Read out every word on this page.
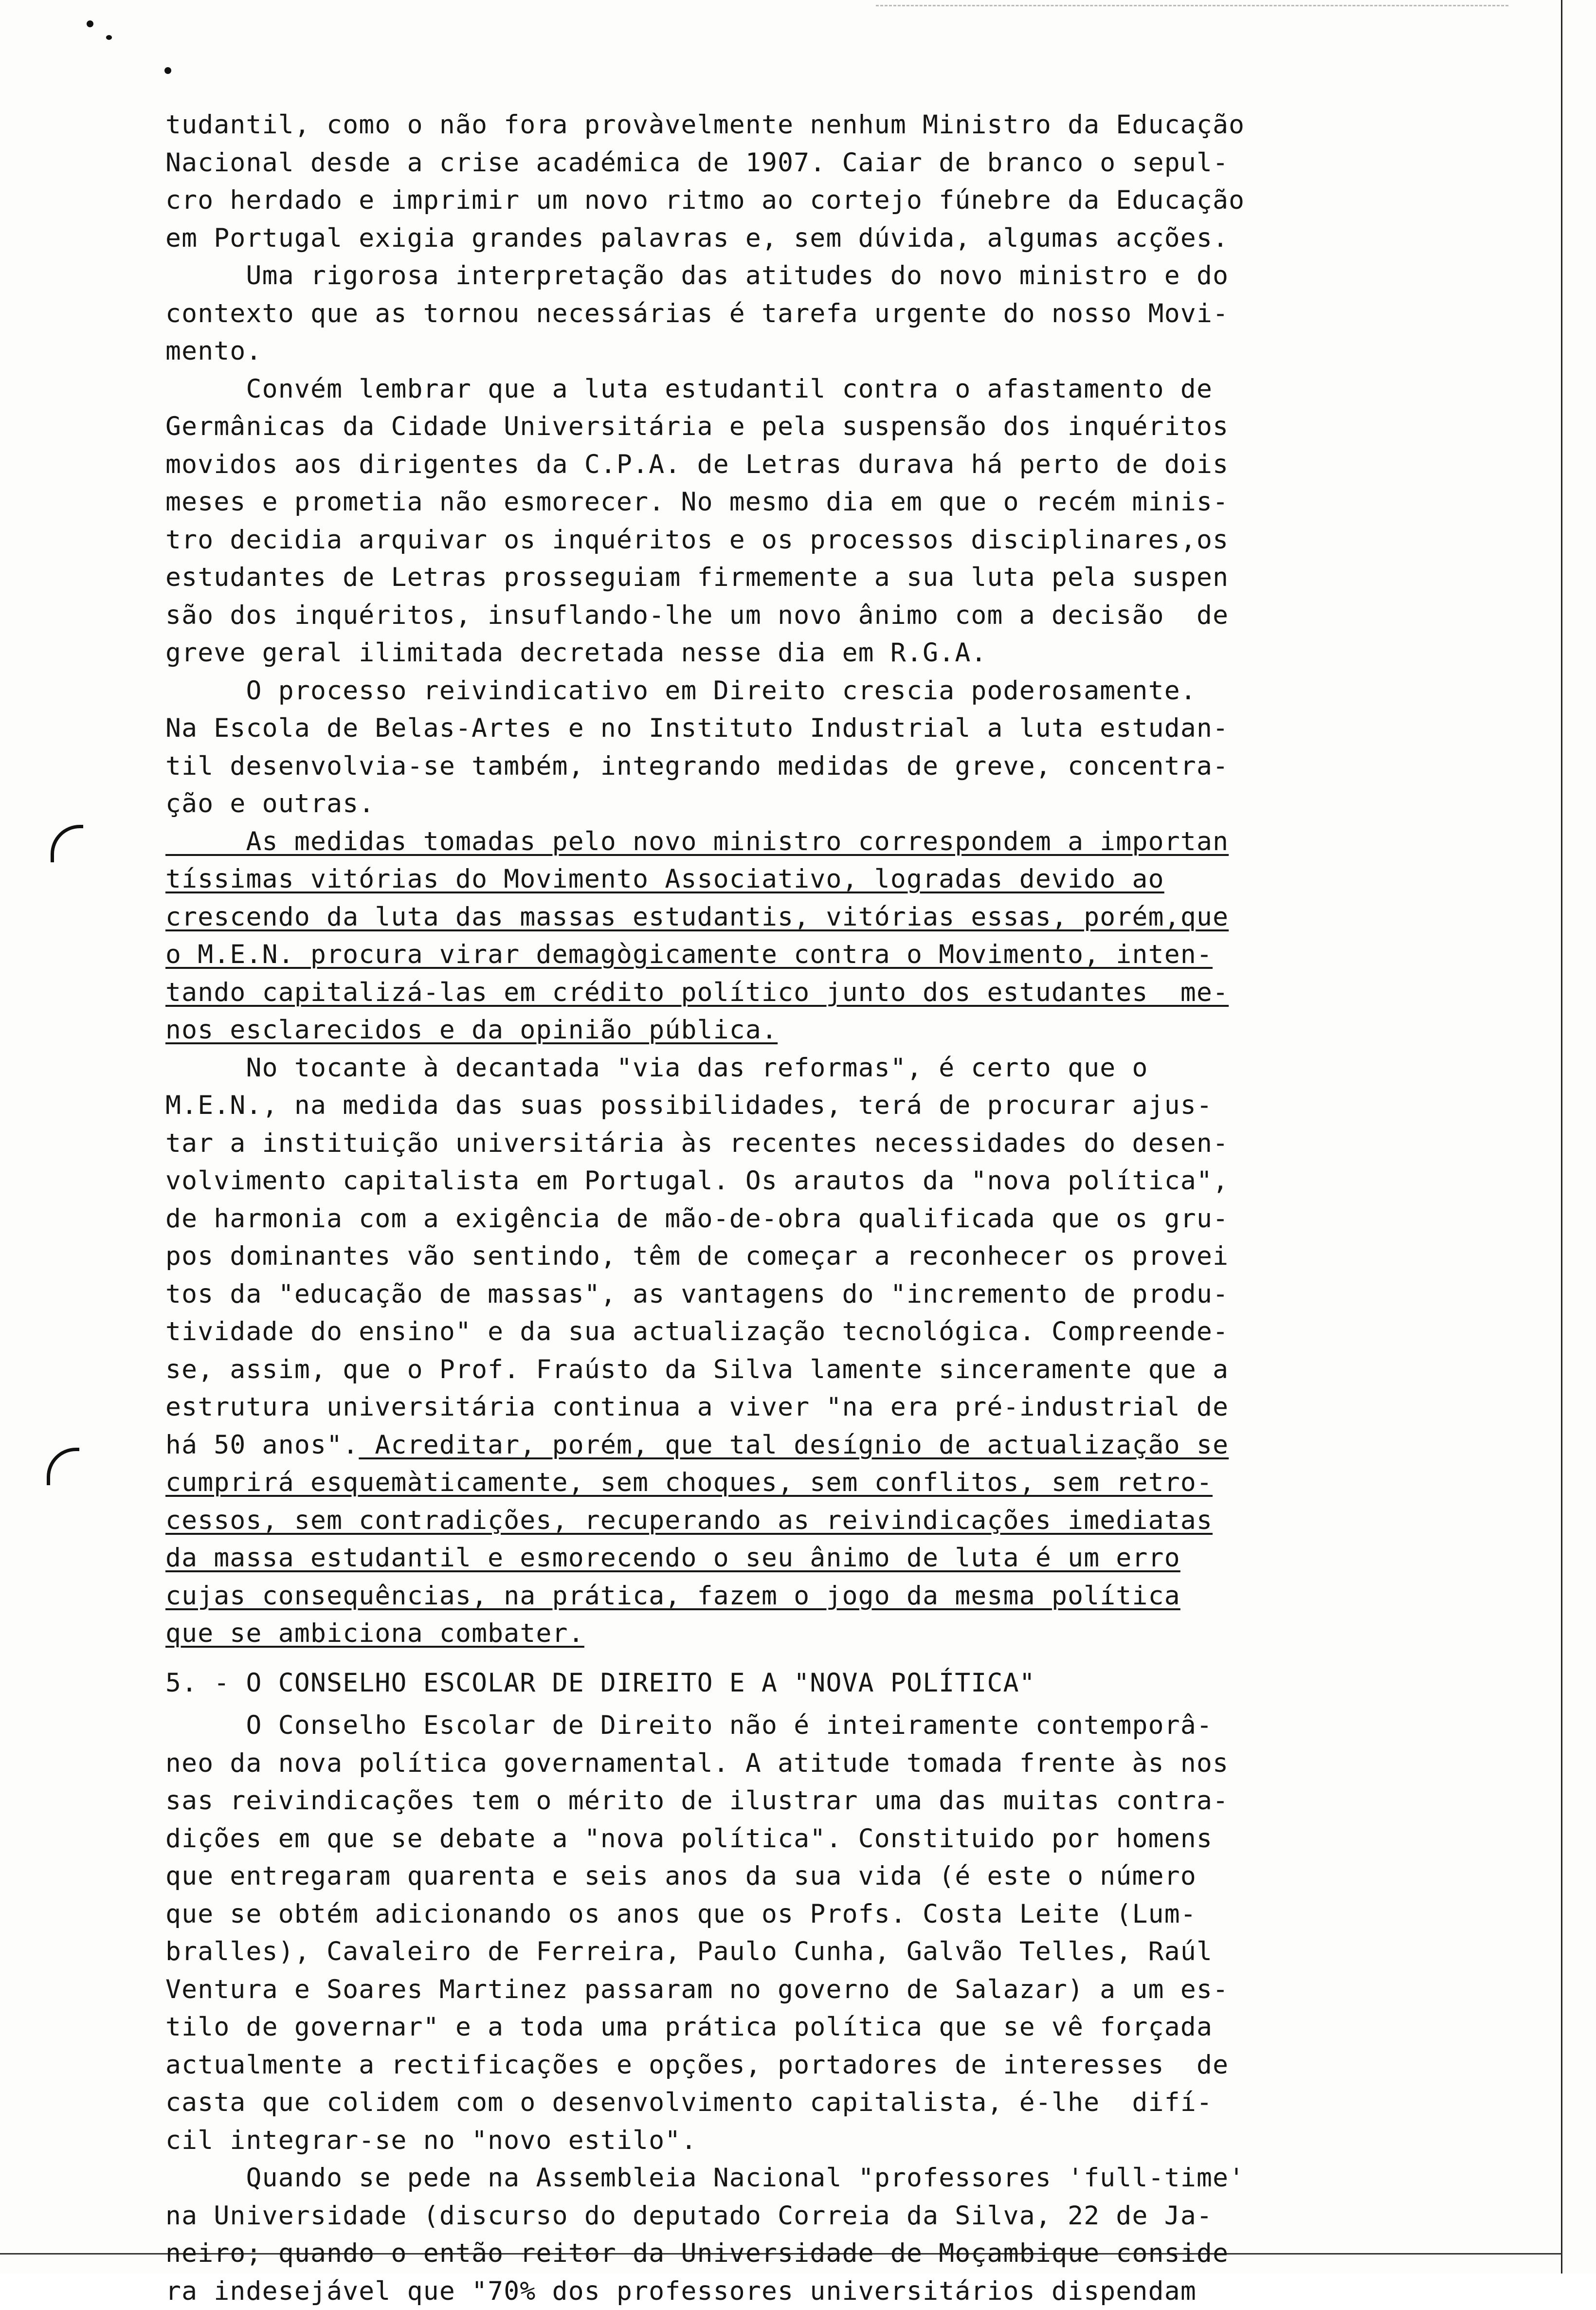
tudantil, como o não fora provàvelmente nenhum Ministro da Educação
Nacional desde a crise académica de 1907. Caiar de branco o sepul-
cro herdado e imprimir um novo ritmo ao cortejo fúnebre da Educação
em Portugal exigia grandes palavras e, sem dúvida, algumas acções.
Uma rigorosa interpretação das atitudes do novo ministro e do
contexto que as tornou necessárias é tarefa urgente do nosso Movi-
mento.
Convém lembrar que a luta estudantil contra o afastamento de
Germânicas da Cidade Universitária e pela suspensão dos inquéritos
movidos aos dirigentes da C.P.A. de Letras durava há perto de dois
meses e prometia não esmorecer. No mesmo dia em que o recém minis-
tro decidia arquivar os inquéritos e os processos disciplinares,os
estudantes de Letras prosseguiam firmemente a sua luta pela suspen
são dos inquéritos, insuflando-lhe um novo ânimo com a decisão  de
greve geral ilimitada decretada nesse dia em R.G.A.
O processo reivindicativo em Direito crescia poderosamente.
Na Escola de Belas-Artes e no Instituto Industrial a luta estudan-
til desenvolvia-se também, integrando medidas de greve, concentra-
ção e outras.
As medidas tomadas pelo novo ministro correspondem a importan
tíssimas vitórias do Movimento Associativo, logradas devido ao
crescendo da luta das massas estudantis, vitórias essas, porém,que
o M.E.N. procura virar demagògicamente contra o Movimento, inten-
tando capitalizá-las em crédito político junto dos estudantes  me-
nos esclarecidos e da opinião pública.
No tocante à decantada "via das reformas", é certo que o
M.E.N., na medida das suas possibilidades, terá de procurar ajus-
tar a instituição universitária às recentes necessidades do desen-
volvimento capitalista em Portugal. Os arautos da "nova política",
de harmonia com a exigência de mão-de-obra qualificada que os gru-
pos dominantes vão sentindo, têm de começar a reconhecer os provei
tos da "educação de massas", as vantagens do "incremento de produ-
tividade do ensino" e da sua actualização tecnológica. Compreende-
se, assim, que o Prof. Fraústo da Silva lamente sinceramente que a
estrutura universitária continua a viver "na era pré-industrial de
há 50 anos". Acreditar, porém, que tal desígnio de actualização se
cumprirá esquemàticamente, sem choques, sem conflitos, sem retro-
cessos, sem contradições, recuperando as reivindicações imediatas
da massa estudantil e esmorecendo o seu ânimo de luta é um erro
cujas consequências, na prática, fazem o jogo da mesma política
que se ambiciona combater.
5. - O CONSELHO ESCOLAR DE DIREITO E A "NOVA POLÍTICA"
O Conselho Escolar de Direito não é inteiramente contemporâ-
neo da nova política governamental. A atitude tomada frente às nos
sas reivindicações tem o mérito de ilustrar uma das muitas contra-
dições em que se debate a "nova política". Constituido por homens
que entregaram quarenta e seis anos da sua vida (é este o número
que se obtém adicionando os anos que os Profs. Costa Leite (Lum-
bralles), Cavaleiro de Ferreira, Paulo Cunha, Galvão Telles, Raúl
Ventura e Soares Martinez passaram no governo de Salazar) a um es-
tilo de governar" e a toda uma prática política que se vê forçada
actualmente a rectificações e opções, portadores de interesses  de
casta que colidem com o desenvolvimento capitalista, é-lhe  difí-
cil integrar-se no "novo estilo".
Quando se pede na Assembleia Nacional "professores 'full-time'
na Universidade (discurso do deputado Correia da Silva, 22 de Ja-
neiro; quando o então reitor da Universidade de Moçambique conside
ra indesejável que "70% dos professores universitários dispendam
